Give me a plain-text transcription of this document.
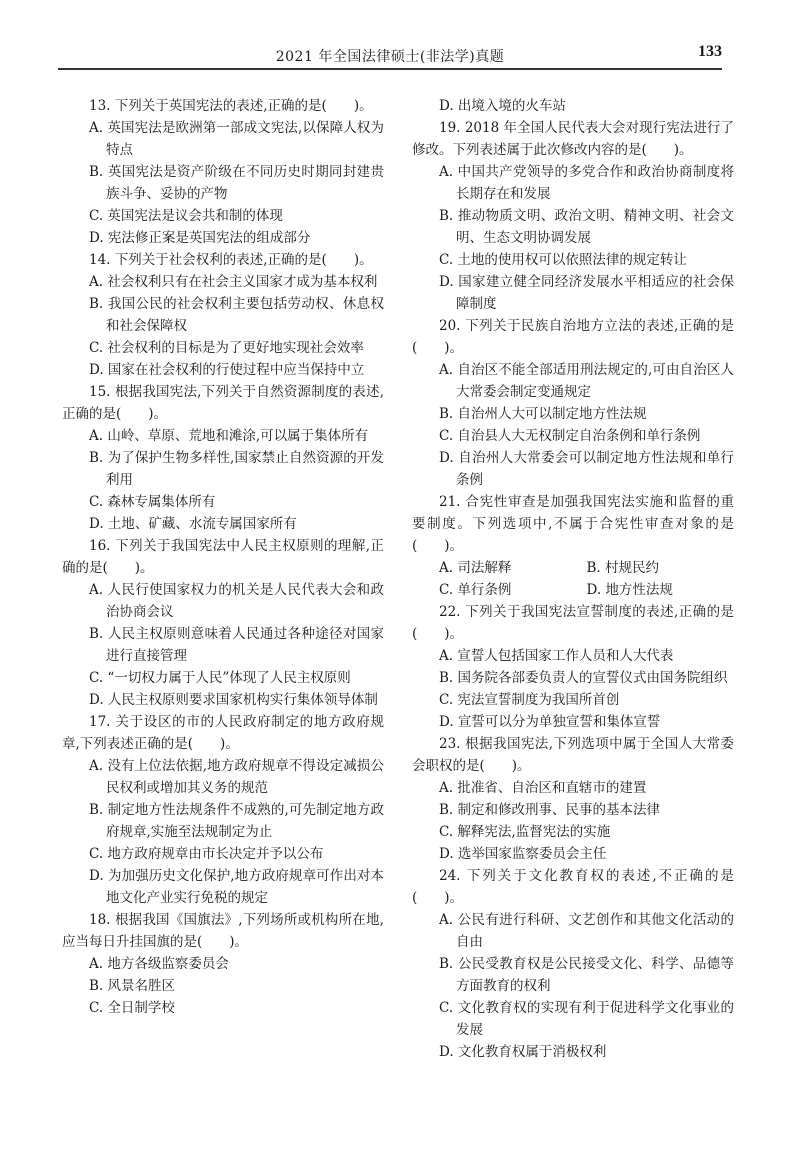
2021 年全国法律硕士(非法学)真题	133

13. 下列关于英国宪法的表述,正确的是(　　)。

A. 英国宪法是欧洲第一部成文宪法,以保障人权为特点

B. 英国宪法是资产阶级在不同历史时期同封建贵族斗争、妥协的产物

C. 英国宪法是议会共和制的体现

D. 宪法修正案是英国宪法的组成部分

14. 下列关于社会权利的表述,正确的是(　　)。

A. 社会权利只有在社会主义国家才成为基本权利

B. 我国公民的社会权利主要包括劳动权、休息权和社会保障权

C. 社会权利的目标是为了更好地实现社会效率

D. 国家在社会权利的行使过程中应当保持中立

15. 根据我国宪法,下列关于自然资源制度的表述,正确的是(　　)。

A. 山岭、草原、荒地和滩涂,可以属于集体所有

B. 为了保护生物多样性,国家禁止自然资源的开发利用

C. 森林专属集体所有

D. 土地、矿藏、水流专属国家所有

16. 下列关于我国宪法中人民主权原则的理解,正确的是(　　)。

A. 人民行使国家权力的机关是人民代表大会和政治协商会议

B. 人民主权原则意味着人民通过各种途径对国家进行直接管理

C. “一切权力属于人民”体现了人民主权原则

D. 人民主权原则要求国家机构实行集体领导体制

17. 关于设区的市的人民政府制定的地方政府规章,下列表述正确的是(　　)。

A. 没有上位法依据,地方政府规章不得设定减损公民权利或增加其义务的规范

B. 制定地方性法规条件不成熟的,可先制定地方政府规章,实施至法规制定为止

C. 地方政府规章由市长决定并予以公布

D. 为加强历史文化保护,地方政府规章可作出对本地文化产业实行免税的规定

18. 根据我国《国旗法》,下列场所或机构所在地,应当每日升挂国旗的是(　　)。

A. 地方各级监察委员会

B. 风景名胜区

C. 全日制学校

D. 出境入境的火车站

19. 2018 年全国人民代表大会对现行宪法进行了修改。下列表述属于此次修改内容的是(　　)。

A. 中国共产党领导的多党合作和政治协商制度将长期存在和发展

B. 推动物质文明、政治文明、精神文明、社会文明、生态文明协调发展

C. 土地的使用权可以依照法律的规定转让

D. 国家建立健全同经济发展水平相适应的社会保障制度

20. 下列关于民族自治地方立法的表述,正确的是(　　)。

A. 自治区不能全部适用刑法规定的,可由自治区人大常委会制定变通规定

B. 自治州人大可以制定地方性法规

C. 自治县人大无权制定自治条例和单行条例

D. 自治州人大常委会可以制定地方性法规和单行条例

21. 合宪性审查是加强我国宪法实施和监督的重要制度。下列选项中,不属于合宪性审查对象的是(　　)。

A. 司法解释	B. 村规民约
C. 单行条例	D. 地方性法规

22. 下列关于我国宪法宣誓制度的表述,正确的是(　　)。

A. 宣誓人包括国家工作人员和人大代表

B. 国务院各部委负责人的宣誓仪式由国务院组织

C. 宪法宣誓制度为我国所首创

D. 宣誓可以分为单独宣誓和集体宣誓

23. 根据我国宪法,下列选项中属于全国人大常委会职权的是(　　)。

A. 批准省、自治区和直辖市的建置

B. 制定和修改刑事、民事的基本法律

C. 解释宪法,监督宪法的实施

D. 选举国家监察委员会主任

24. 下列关于文化教育权的表述,不正确的是(　　)。

A. 公民有进行科研、文艺创作和其他文化活动的自由

B. 公民受教育权是公民接受文化、科学、品德等方面教育的权利

C. 文化教育权的实现有利于促进科学文化事业的发展

D. 文化教育权属于消极权利
